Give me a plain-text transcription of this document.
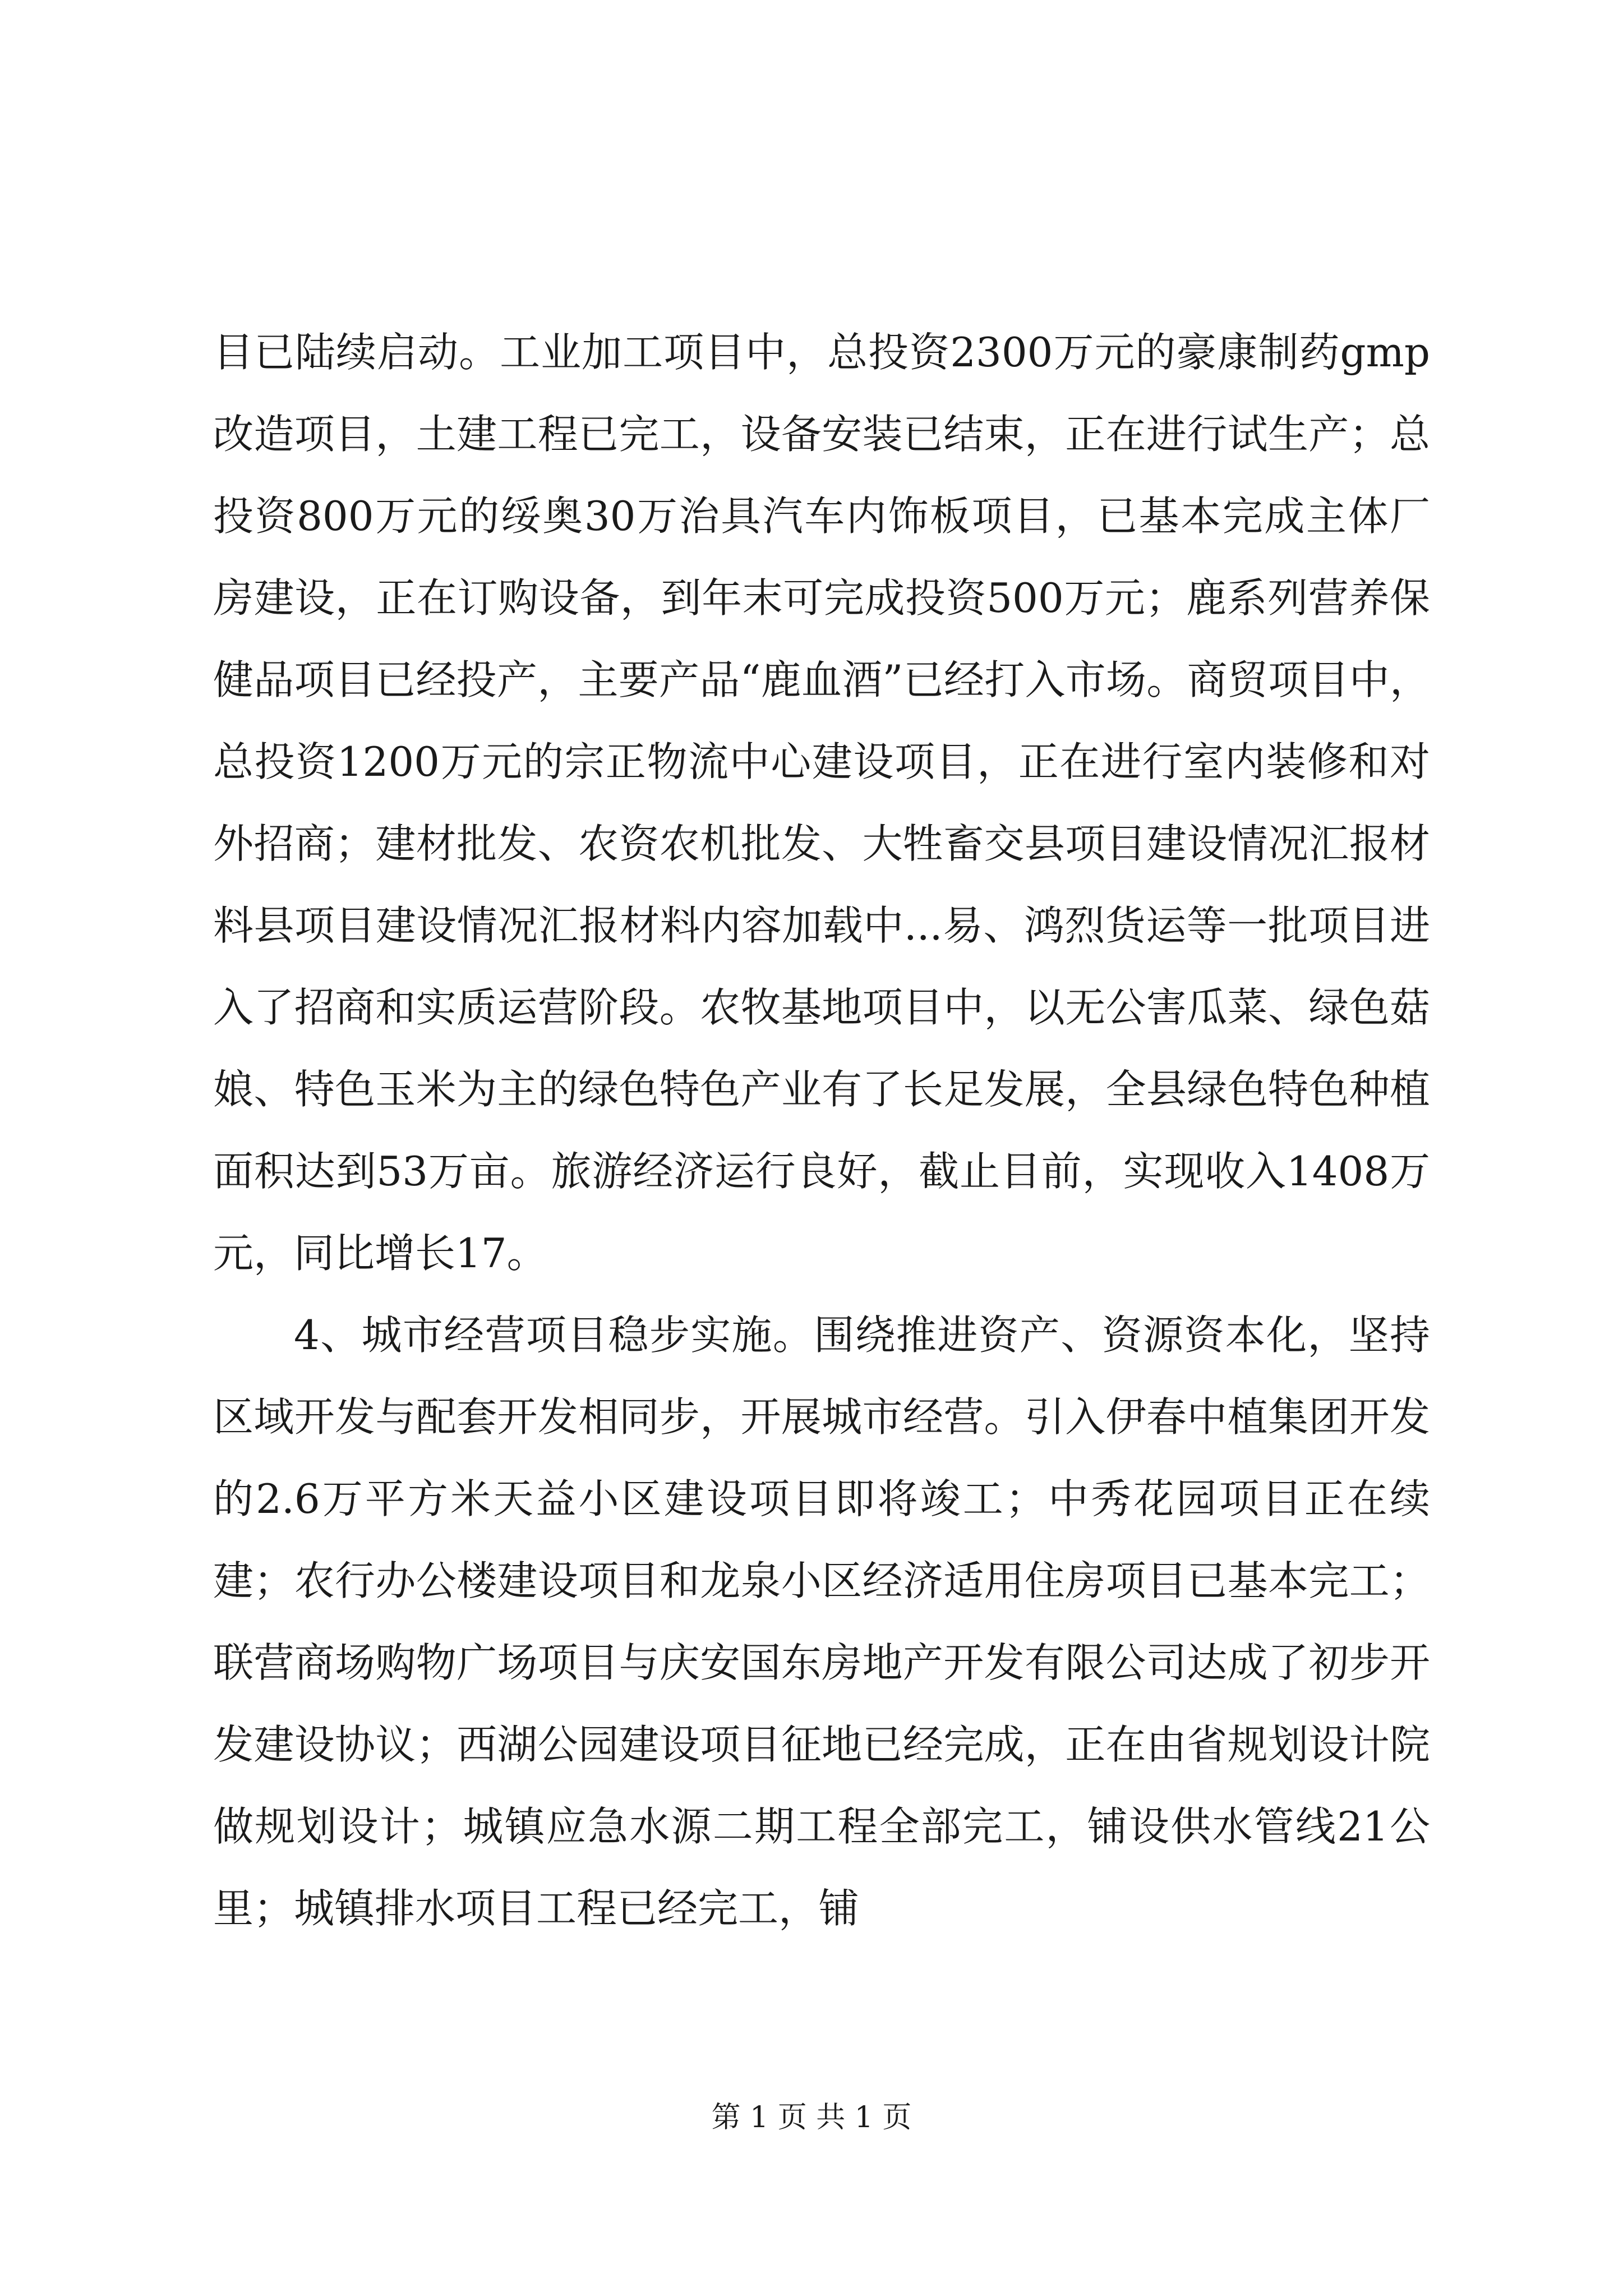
目已陆续启动。工业加工项目中，总投资2300万元的豪康制药gmp改造项目，土建工程已完工，设备安装已结束，正在进行试生产；总投资800万元的绥奥30万治具汽车内饰板项目，已基本完成主体厂房建设，正在订购设备，到年末可完成投资500万元；鹿系列营养保健品项目已经投产，主要产品“鹿血酒”已经打入市场。商贸项目中，总投资1200万元的宗正物流中心建设项目，正在进行室内装修和对外招商；建材批发、农资农机批发、大牲畜交县项目建设情况汇报材料县项目建设情况汇报材料内容加载中...易、鸿烈货运等一批项目进入了招商和实质运营阶段。农牧基地项目中，以无公害瓜菜、绿色菇娘、特色玉米为主的绿色特色产业有了长足发展，全县绿色特色种植面积达到53万亩。旅游经济运行良好，截止目前，实现收入1408万元，同比增长17。

4、城市经营项目稳步实施。围绕推进资产、资源资本化，坚持区域开发与配套开发相同步，开展城市经营。引入伊春中植集团开发的2.6万平方米天益小区建设项目即将竣工；中秀花园项目正在续建；农行办公楼建设项目和龙泉小区经济适用住房项目已基本完工；联营商场购物广场项目与庆安国东房地产开发有限公司达成了初步开发建设协议；西湖公园建设项目征地已经完成，正在由省规划设计院做规划设计；城镇应急水源二期工程全部完工，铺设供水管线21公里；城镇排水项目工程已经完工，铺

第 1 页 共 1 页
